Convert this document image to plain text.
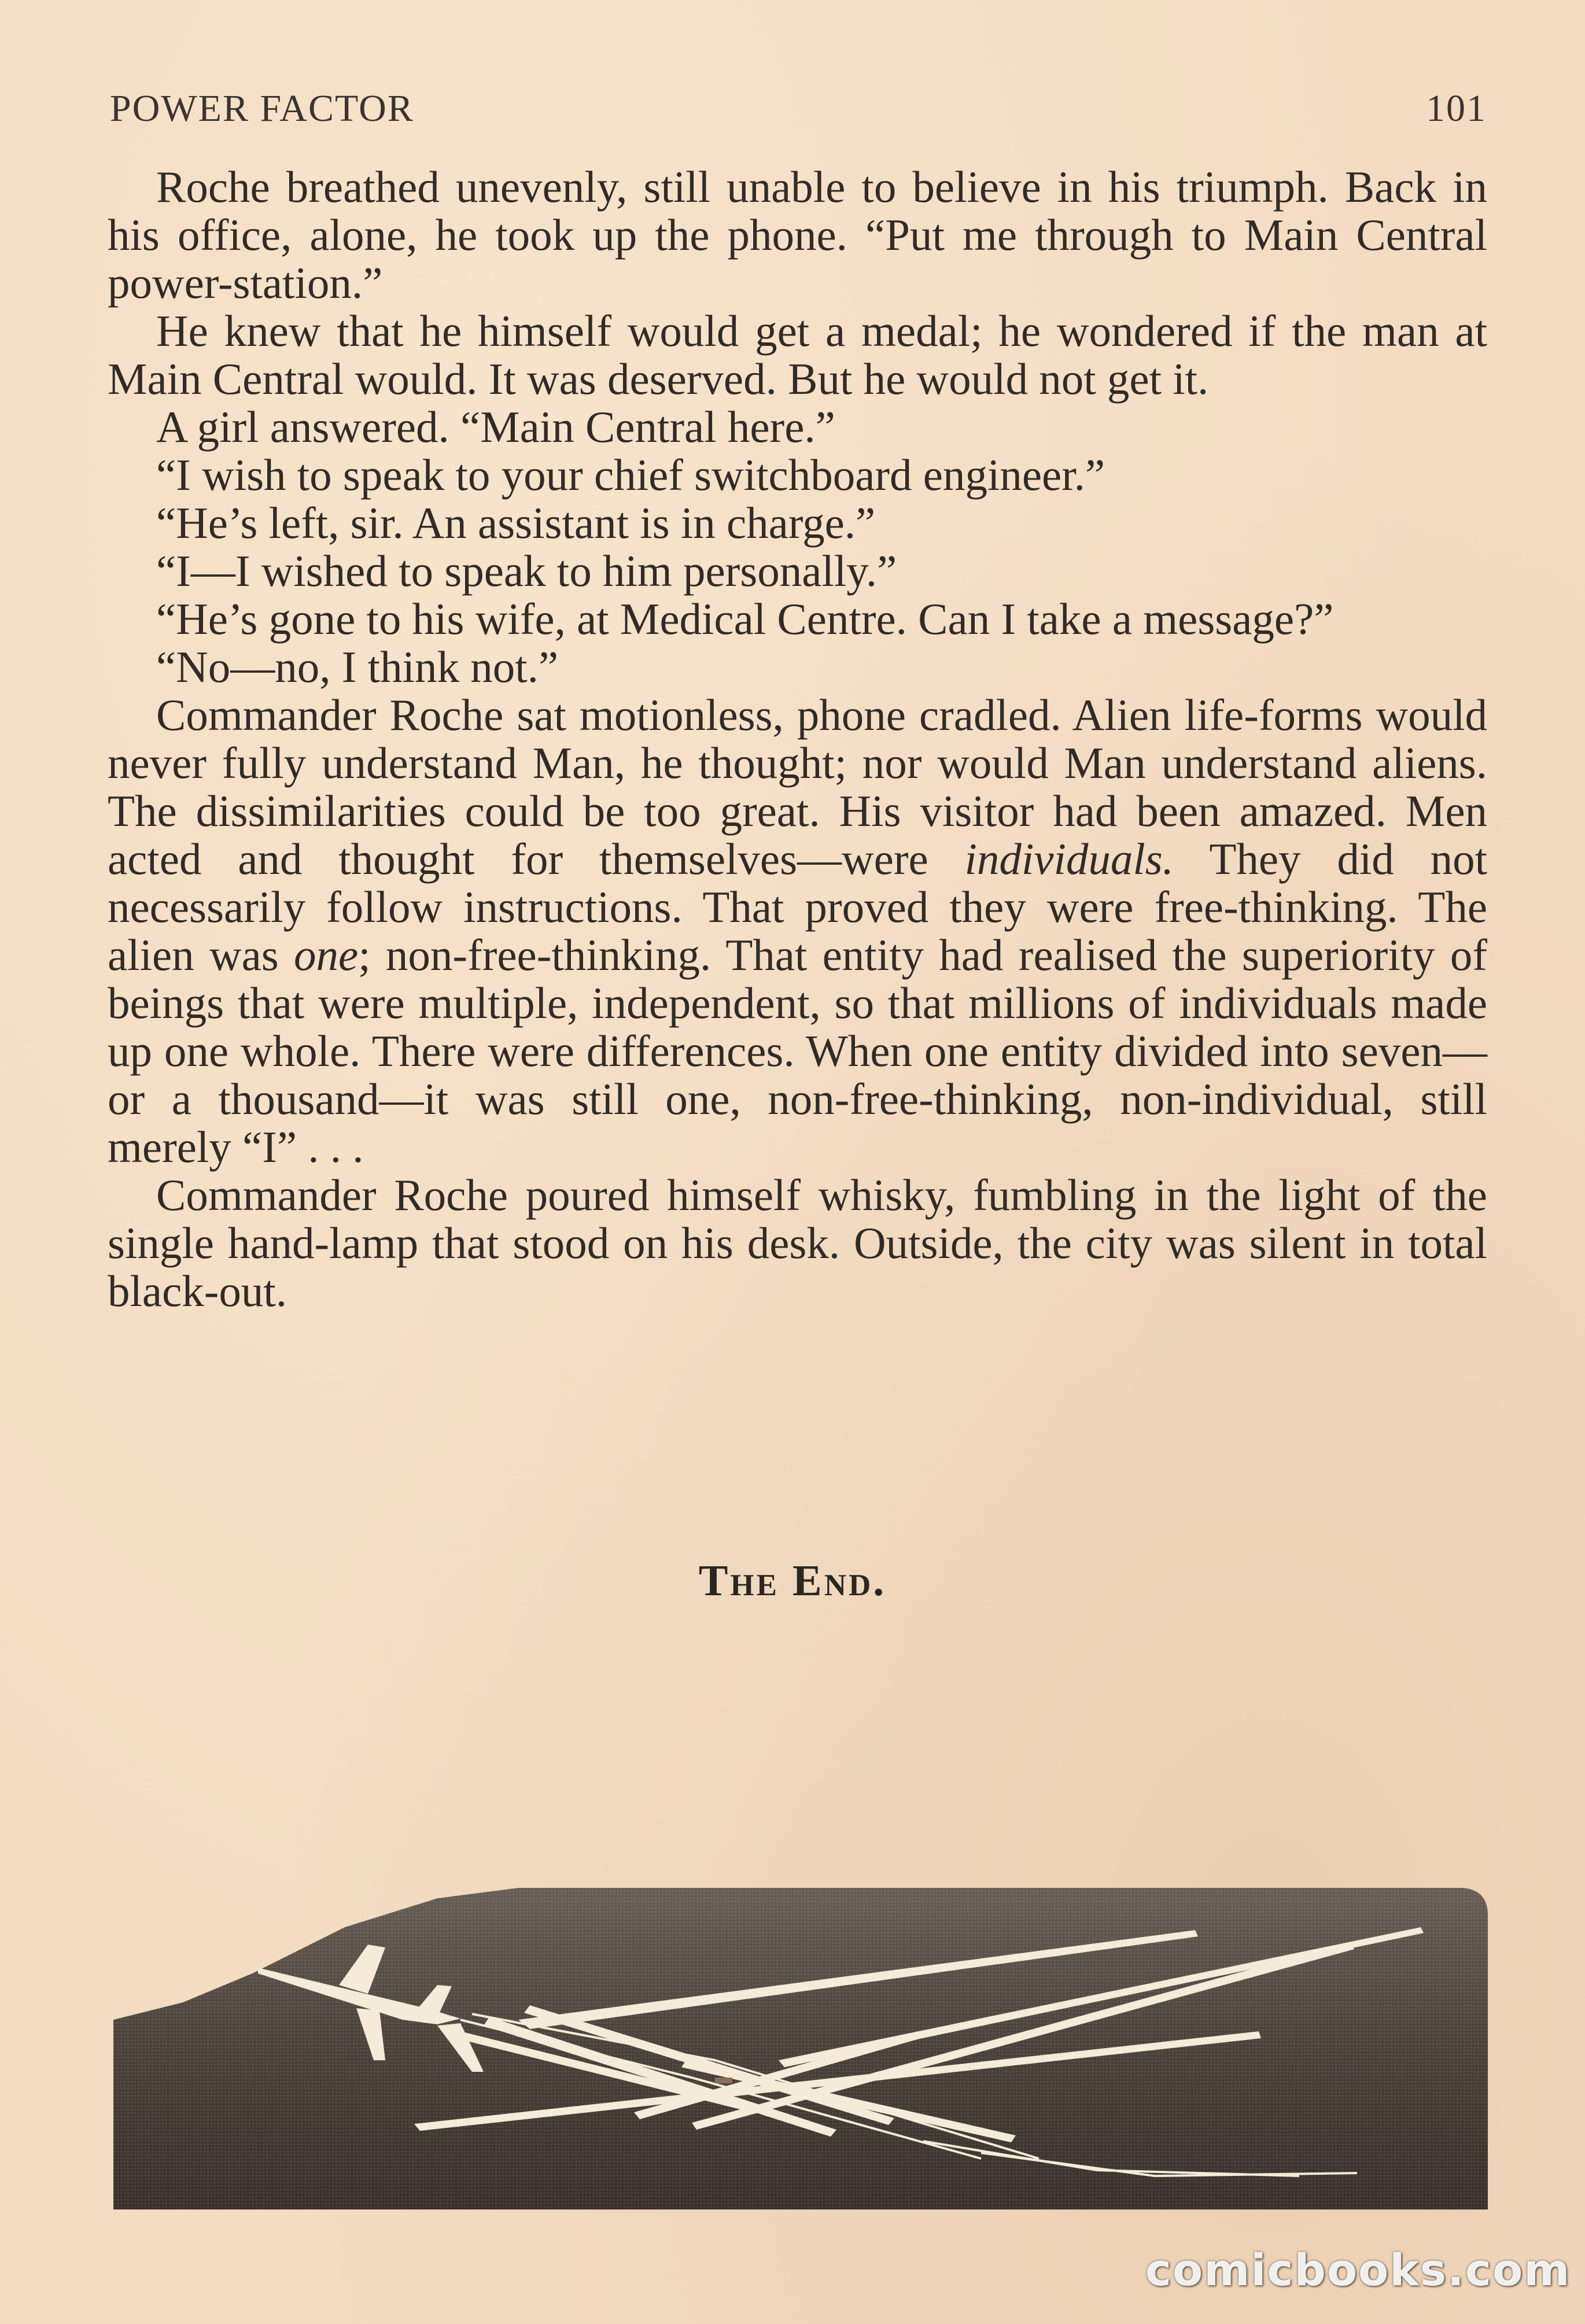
POWER FACTOR	101

Roche breathed unevenly, still unable to believe in his triumph. Back in his office, alone, he took up the phone. “Put me through to Main Central power-station.”

He knew that he himself would get a medal; he wondered if the man at Main Central would. It was deserved. But he would not get it.

A girl answered. “Main Central here.”

“I wish to speak to your chief switchboard engineer.”

“He’s left, sir. An assistant is in charge.”

“I—I wished to speak to him personally.”

“He’s gone to his wife, at Medical Centre. Can I take a message?”

“No—no, I think not.”

Commander Roche sat motionless, phone cradled. Alien life-forms would never fully understand Man, he thought; nor would Man understand aliens. The dissimilarities could be too great. His visitor had been amazed. Men acted and thought for themselves—were individuals. They did not necessarily follow instructions. That proved they were free-thinking. The alien was one; non-free-thinking. That entity had realised the superiority of beings that were multiple, independent, so that millions of individuals made up one whole. There were differences. When one entity divided into seven—or a thousand—it was still one, non-free-thinking, non-individual, still merely “I” . . .

Commander Roche poured himself whisky, fumbling in the light of the single hand-lamp that stood on his desk. Outside, the city was silent in total black-out.

The End.
comicbooks.com
